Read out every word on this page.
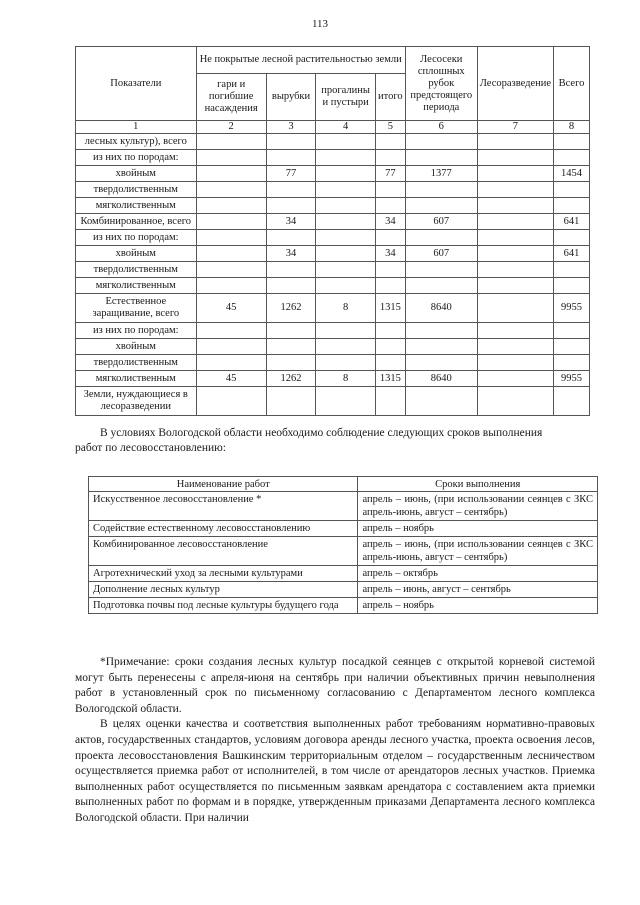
113
Показатели	Не покрытые лесной растительностью земли				Лесосеки сплошных рубок предстоящего периода	Лесоразведение	Всего
	гари и погибшие насаждения	вырубки	прогалины и пустыри	итого			
1	2	3	4	5	6	7	8
лесных культур), всего							
из них по породам:							
хвойным		77		77	1377		1454
твердолиственным							
мягколиственным							
Комбинированное, всего		34		34	607		641
из них по породам:							
хвойным		34		34	607		641
твердолиственным							
мягколиственным							
Естественное заращивание, всего	45	1262	8	1315	8640		9955
из них по породам:							
хвойным							
твердолиственным							
мягколиственным	45	1262	8	1315	8640		9955
Земли, нуждающиеся в лесоразведении							
В условиях Вологодской области необходимо соблюдение следующих сроков выполнения
работ по лесовосстановлению:
Наименование работ	Сроки выполнения
Искусственное лесовосстановление *	апрель – июнь, (при использовании сеянцев с ЗКС апрель-июнь, август – сентябрь)
Содействие естественному лесовосстановлению	апрель – ноябрь
Комбинированное лесовосстановление	апрель – июнь, (при использовании сеянцев с ЗКС апрель-июнь, август – сентябрь)
Агротехнический уход за лесными культурами	апрель – октябрь
Дополнение лесных культур	апрель – июнь, август – сентябрь
Подготовка почвы под лесные культуры будущего года	апрель – ноябрь

*Примечание: сроки создания лесных культур посадкой сеянцев с открытой корневой системой могут быть перенесены с апреля-июня на сентябрь при наличии объективных причин невыполнения работ в установленный срок по письменному согласованию с Департаментом лесного комплекса Вологодской области.

В целях оценки качества и соответствия выполненных работ требованиям нормативно-правовых актов, государственных стандартов, условиям договора аренды лесного участка, проекта освоения лесов, проекта лесовосстановления Вашкинским территориальным отделом – государственным лесничеством осуществляется приемка работ от исполнителей, в том числе от арендаторов лесных участков. Приемка выполненных работ осуществляется по письменным заявкам арендатора с составлением акта приемки выполненных работ по формам и в порядке, утвержденным приказами Департамента лесного комплекса Вологодской области. При наличии
